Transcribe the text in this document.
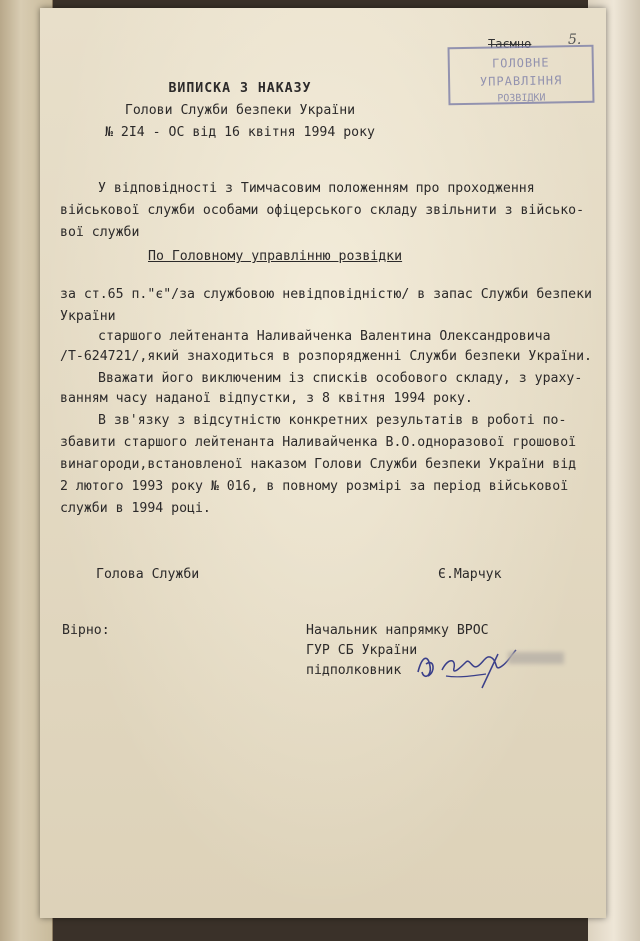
Таємно	5.
ГОЛОВНЕ УПРАВЛІННЯ
РОЗВІДКИ
ВИПИСКА З НАКАЗУ
Голови Служби безпеки України
№ 2І4 - ОС від 16 квітня 1994 року
У відповідності з Тимчасовим положенням про проходження
військової служби особами офіцерського складу звільнити з військо-
вої служби
По Головному управлінню розвідки
за ст.65 п."є"/за службовою невідповідністю/ в запас Служби безпеки
України
старшого лейтенанта Наливайченка Валентина Олександровича
/Т-624721/,який знаходиться в розпорядженні Служби безпеки України.
Вважати його виключеним із списків особового складу, з ураху-
ванням часу наданої відпустки, з 8 квітня 1994 року.
В зв'язку з відсутністю конкретних результатів в роботі по-
збавити старшого лейтенанта Наливайченка В.О.одноразової грошової
винагороди,встановленої наказом Голови Служби безпеки України від
2 лютого 1993 року № 016, в повному розмірі за період військової
служби в 1994 році.
Голова Служби	Є.Марчук
Вірно:	Начальник напрямку ВРОС
ГУР СБ України
підполковник
